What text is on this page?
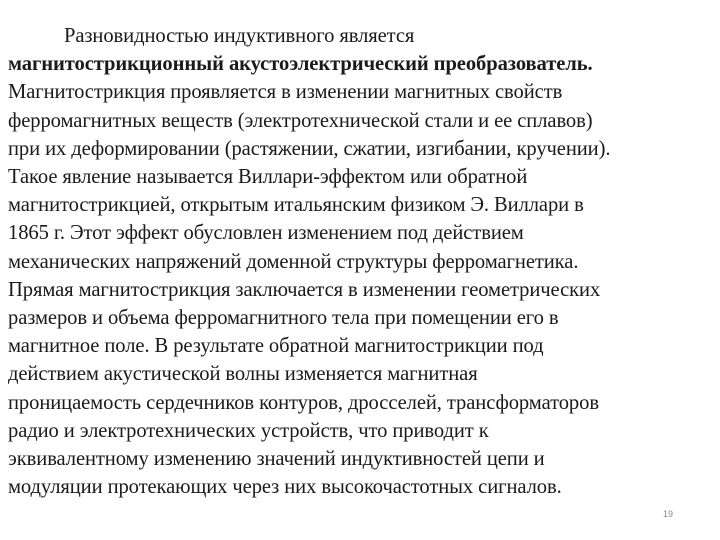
Разновидностью индуктивного является
магнитострикционный акустоэлектрический преобразователь.
Магнитострикция проявляется в изменении магнитных свойств
ферромагнитных веществ (электротехнической стали и ее сплавов)
при их деформировании (растяжении, сжатии, изгибании, кручении).
Такое явление называется Виллари-эффектом или обратной
магнитострикцией, открытым итальянским физиком Э. Виллари в
1865 г. Этот эффект обусловлен изменением под действием
механических напряжений доменной структуры ферромагнетика.
Прямая магнитострикция заключается в изменении геометрических
размеров и объема ферромагнитного тела при помещении его в
магнитное поле. В результате обратной магнитострикции под
действием акустической волны изменяется магнитная
проницаемость сердечников контуров, дросселей, трансформаторов
радио и электротехнических устройств, что приводит к
эквивалентному изменению значений индуктивностей цепи и
модуляции протекающих через них высокочастотных сигналов.
19
